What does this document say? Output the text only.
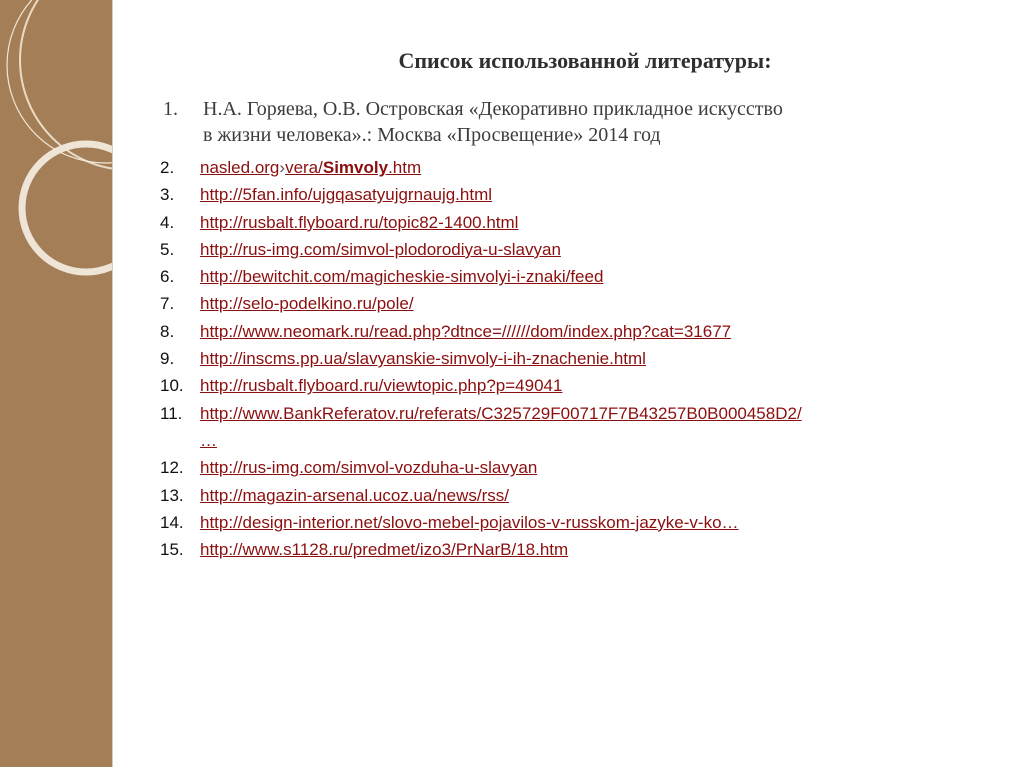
Список использованной литературы:
1.	Н.А. Горяева, О.В. Островская «Декоративно прикладное искусство
в жизни человека».: Москва «Просвещение» 2014 год
2.	nasled.org›vera/Simvoly.htm
3.	http://5fan.info/ujgqasatyujgrnaujg.html
4.	http://rusbalt.flyboard.ru/topic82-1400.html
5.	http://rus-img.com/simvol-plodorodiya-u-slavyan
6.	http://bewitchit.com/magicheskie-simvolyi-i-znaki/feed
7.	http://selo-podelkino.ru/pole/
8.	http://www.neomark.ru/read.php?dtnce=//////dom/index.php?cat=31677
9.	http://inscms.pp.ua/slavyanskie-simvoly-i-ih-znachenie.html
10. http://rusbalt.flyboard.ru/viewtopic.php?p=49041
11.	http://www.BankReferatov.ru/referats/C325729F00717F7B43257B0B000458D2/
…
12. http://rus-img.com/simvol-vozduha-u-slavyan
13. http://magazin-arsenal.ucoz.ua/news/rss/
14. http://design-interior.net/slovo-mebel-pojavilos-v-russkom-jazyke-v-ko…
15. http://www.s1128.ru/predmet/izo3/PrNarB/18.htm
